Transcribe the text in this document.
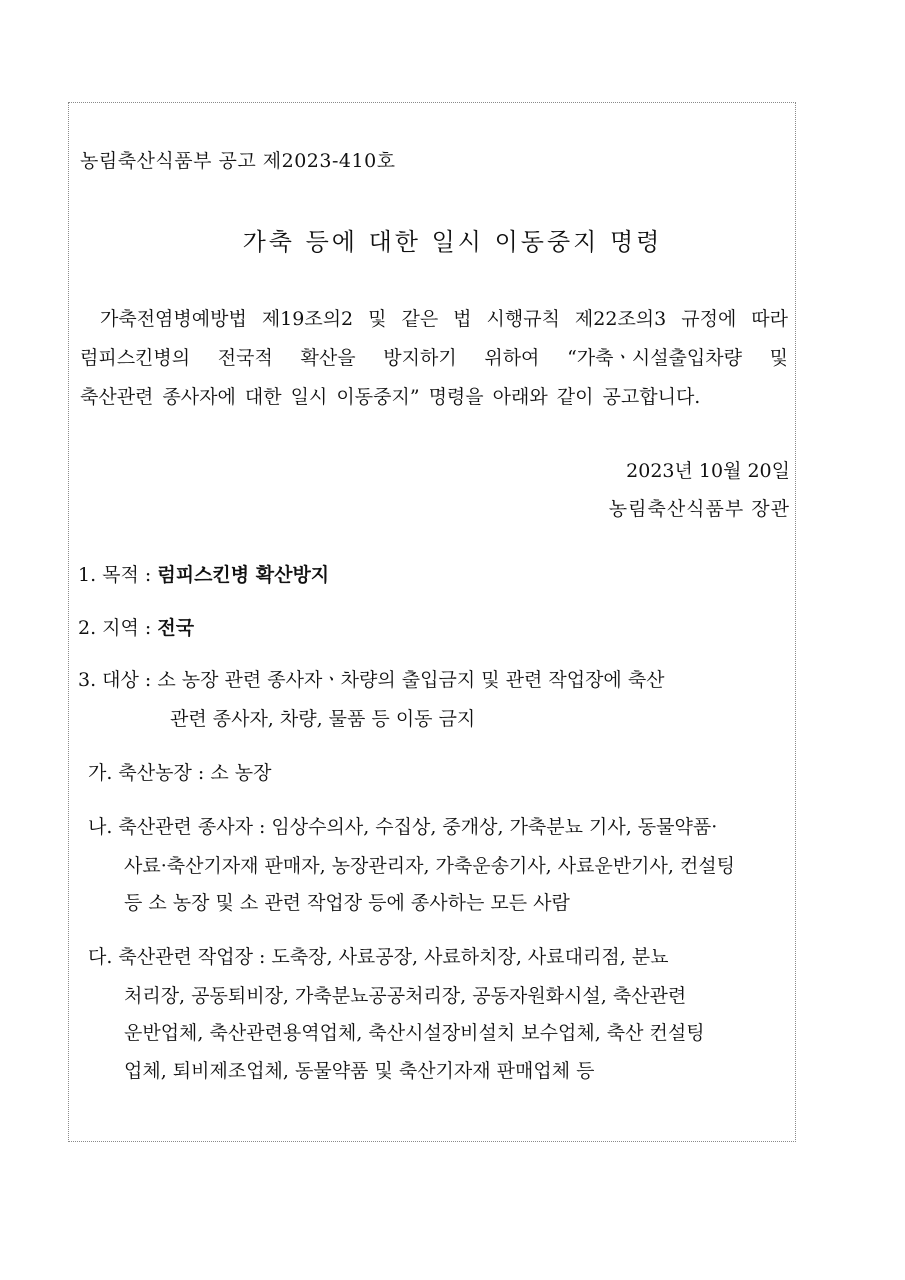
농림축산식품부 공고 제2023-410호

가축 등에 대한 일시 이동중지 명령
가축전염병예방법 제19조의2 및 같은 법 시행규칙 제22조의3 규정에 따라
럼피스킨병의 전국적 확산을 방지하기 위하여 “가축ㆍ시설출입차량 및
축산관련 종사자에 대한 일시 이동중지” 명령을 아래와 같이 공고합니다.

2023년 10월 20일

농림축산식품부 장관

1. 목적 : 럼피스킨병 확산방지

2. 지역 : 전국

3. 대상 : 소 농장 관련 종사자ㆍ차량의 출입금지 및 관련 작업장에 축산

관련 종사자, 차량, 물품 등 이동 금지

가. 축산농장 : 소 농장

나. 축산관련 종사자 : 임상수의사, 수집상, 중개상, 가축분뇨 기사, 동물약품·

사료·축산기자재 판매자, 농장관리자, 가축운송기사, 사료운반기사, 컨설팅

등 소 농장 및 소 관련 작업장 등에 종사하는 모든 사람

다. 축산관련 작업장 : 도축장, 사료공장, 사료하치장, 사료대리점, 분뇨

처리장, 공동퇴비장, 가축분뇨공공처리장, 공동자원화시설, 축산관련

운반업체, 축산관련용역업체, 축산시설장비설치 보수업체, 축산 컨설팅

업체, 퇴비제조업체, 동물약품 및 축산기자재 판매업체 등
